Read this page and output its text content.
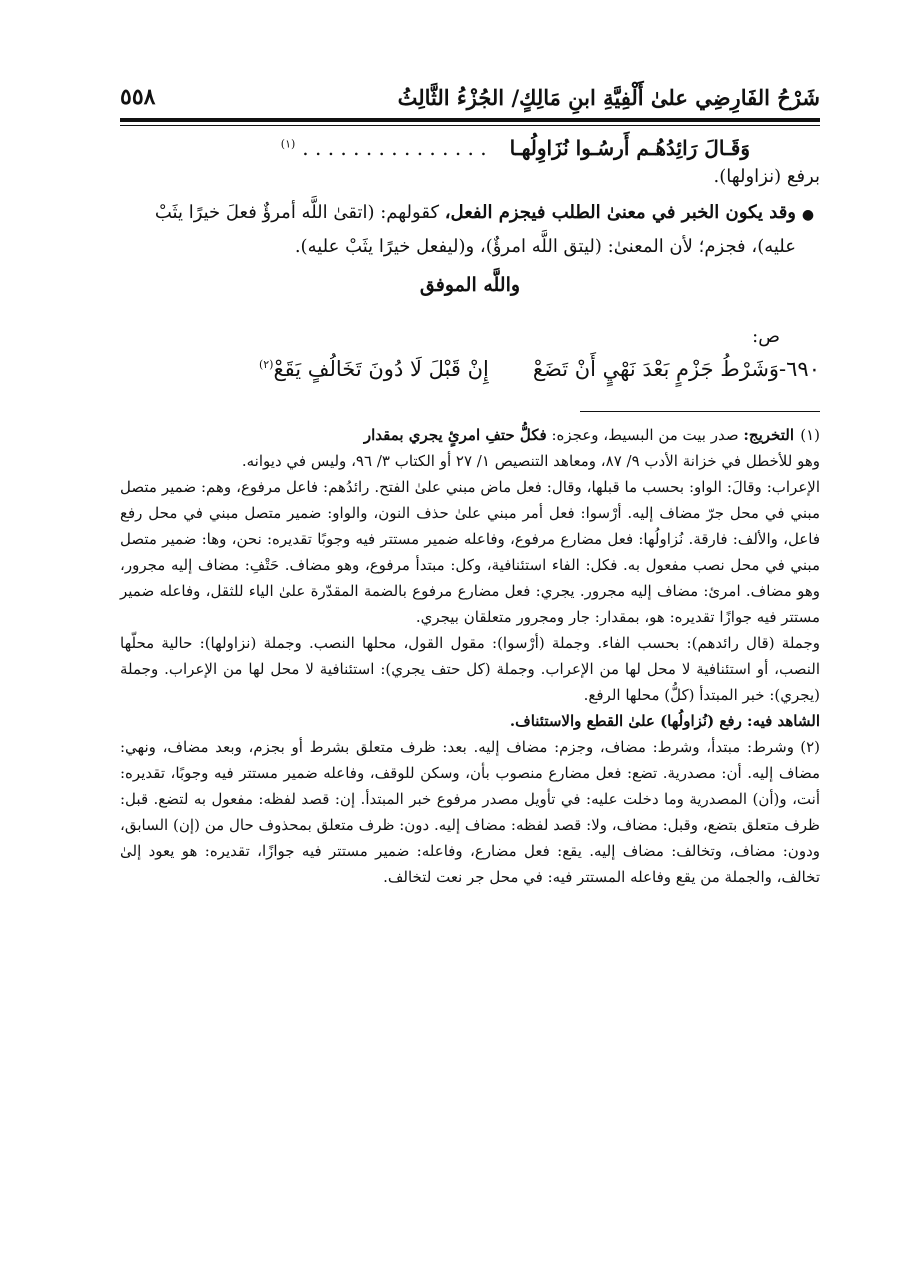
شَرْحُ الفَارِضِي علىٰ أَلْفِيَّةِ ابنِ مَالِكٍ/ الجُزْءُ الثَّالِثُ
٥٥٨
وَقَـالَ رَائِدُهُـم أَرسُـوا نُزَاوِلُهـا . . . . . . . . . . . . . . . $^{(١)}$
برفع (نزاولها).
●
وقد يكون الخبر في معنىٰ الطلب فيجزم الفعل، كقولهم: (اتقىٰ اللَّه أمرؤٌ فعلَ خيرًا يثَبْ عليه)، فجزم؛ لأن المعنىٰ: (ليتق اللَّه امرؤٌ)، و(ليفعل خيرًا يثَبْ عليه).
واللَّه الموفق
ص:
٦٩٠-وَشَرْطُ جَزْمٍ بَعْدَ نَهْيٍ أَنْ تَضَعْ
إِنْ قَبْلَ لَا دُونَ تَخَالُفٍ يَقَعْ$^{(٢)}$
(١)التخريج: صدر بيت من البسيط، وعجزه: فكلُّ حتفِ امرئٍ يجري بمقدار
وهو للأخطل في خزانة الأدب ٩/ ٨٧، ومعاهد التنصيص ١/ ٢٧ أو الكتاب ٣/ ٩٦، وليس في ديوانه.
الإعراب: وقالَ: الواو: بحسب ما قبلها، وقال: فعل ماض مبني علىٰ الفتح. رائدُهم: فاعل مرفوع، وهم: ضمير متصل مبني في محل جرّ مضاف إليه. أرْسوا: فعل أمر مبني علىٰ حذف النون، والواو: ضمير متصل مبني في محل رفع فاعل، والألف: فارقة. نُزاولُها: فعل مضارع مرفوع، وفاعله ضمير مستتر فيه وجوبًا تقديره: نحن، وها: ضمير متصل مبني في محل نصب مفعول به. فكل: الفاء استئنافية، وكل: مبتدأ مرفوع، وهو مضاف. حَتْفِ: مضاف إليه مجرور، وهو مضاف. امرئ: مضاف إليه مجرور. يجري: فعل مضارع مرفوع بالضمة المقدّرة علىٰ الياء للثقل، وفاعله ضمير مستتر فيه جوازًا تقديره: هو، بمقدار: جار ومجرور متعلقان بيجري.
وجملة (قال رائدهم): بحسب الفاء. وجملة (أرْسوا): مقول القول، محلها النصب. وجملة (نزاولها): حالية محلّها النصب، أو استئنافية لا محل لها من الإعراب. وجملة (كل حتف يجري): استئنافية لا محل لها من الإعراب. وجملة (يجري): خبر المبتدأ (كلُّ) محلها الرفع.
الشاهد فيه: رفع (نُزاولُها) علىٰ القطع والاستئناف.
(٢)وشرط: مبتدأ، وشرط: مضاف، وجزم: مضاف إليه. بعد: ظرف متعلق بشرط أو بجزم، وبعد مضاف، ونهي: مضاف إليه. أن: مصدرية. تضع: فعل مضارع منصوب بأن، وسكن للوقف، وفاعله ضمير مستتر فيه وجوبًا، تقديره: أنت، و(أن) المصدرية وما دخلت عليه: في تأويل مصدر مرفوع خبر المبتدأ. إن: قصد لفظه: مفعول به لتضع. قبل: ظرف متعلق بتضع، وقبل: مضاف، ولا: قصد لفظه: مضاف إليه. دون: ظرف متعلق بمحذوف حال من (إن) السابق، ودون: مضاف، وتخالف: مضاف إليه. يقع: فعل مضارع، وفاعله: ضمير مستتر فيه جوازًا، تقديره: هو يعود إلىٰ تخالف، والجملة من يقع وفاعله المستتر فيه: في محل جر نعت لتخالف.
